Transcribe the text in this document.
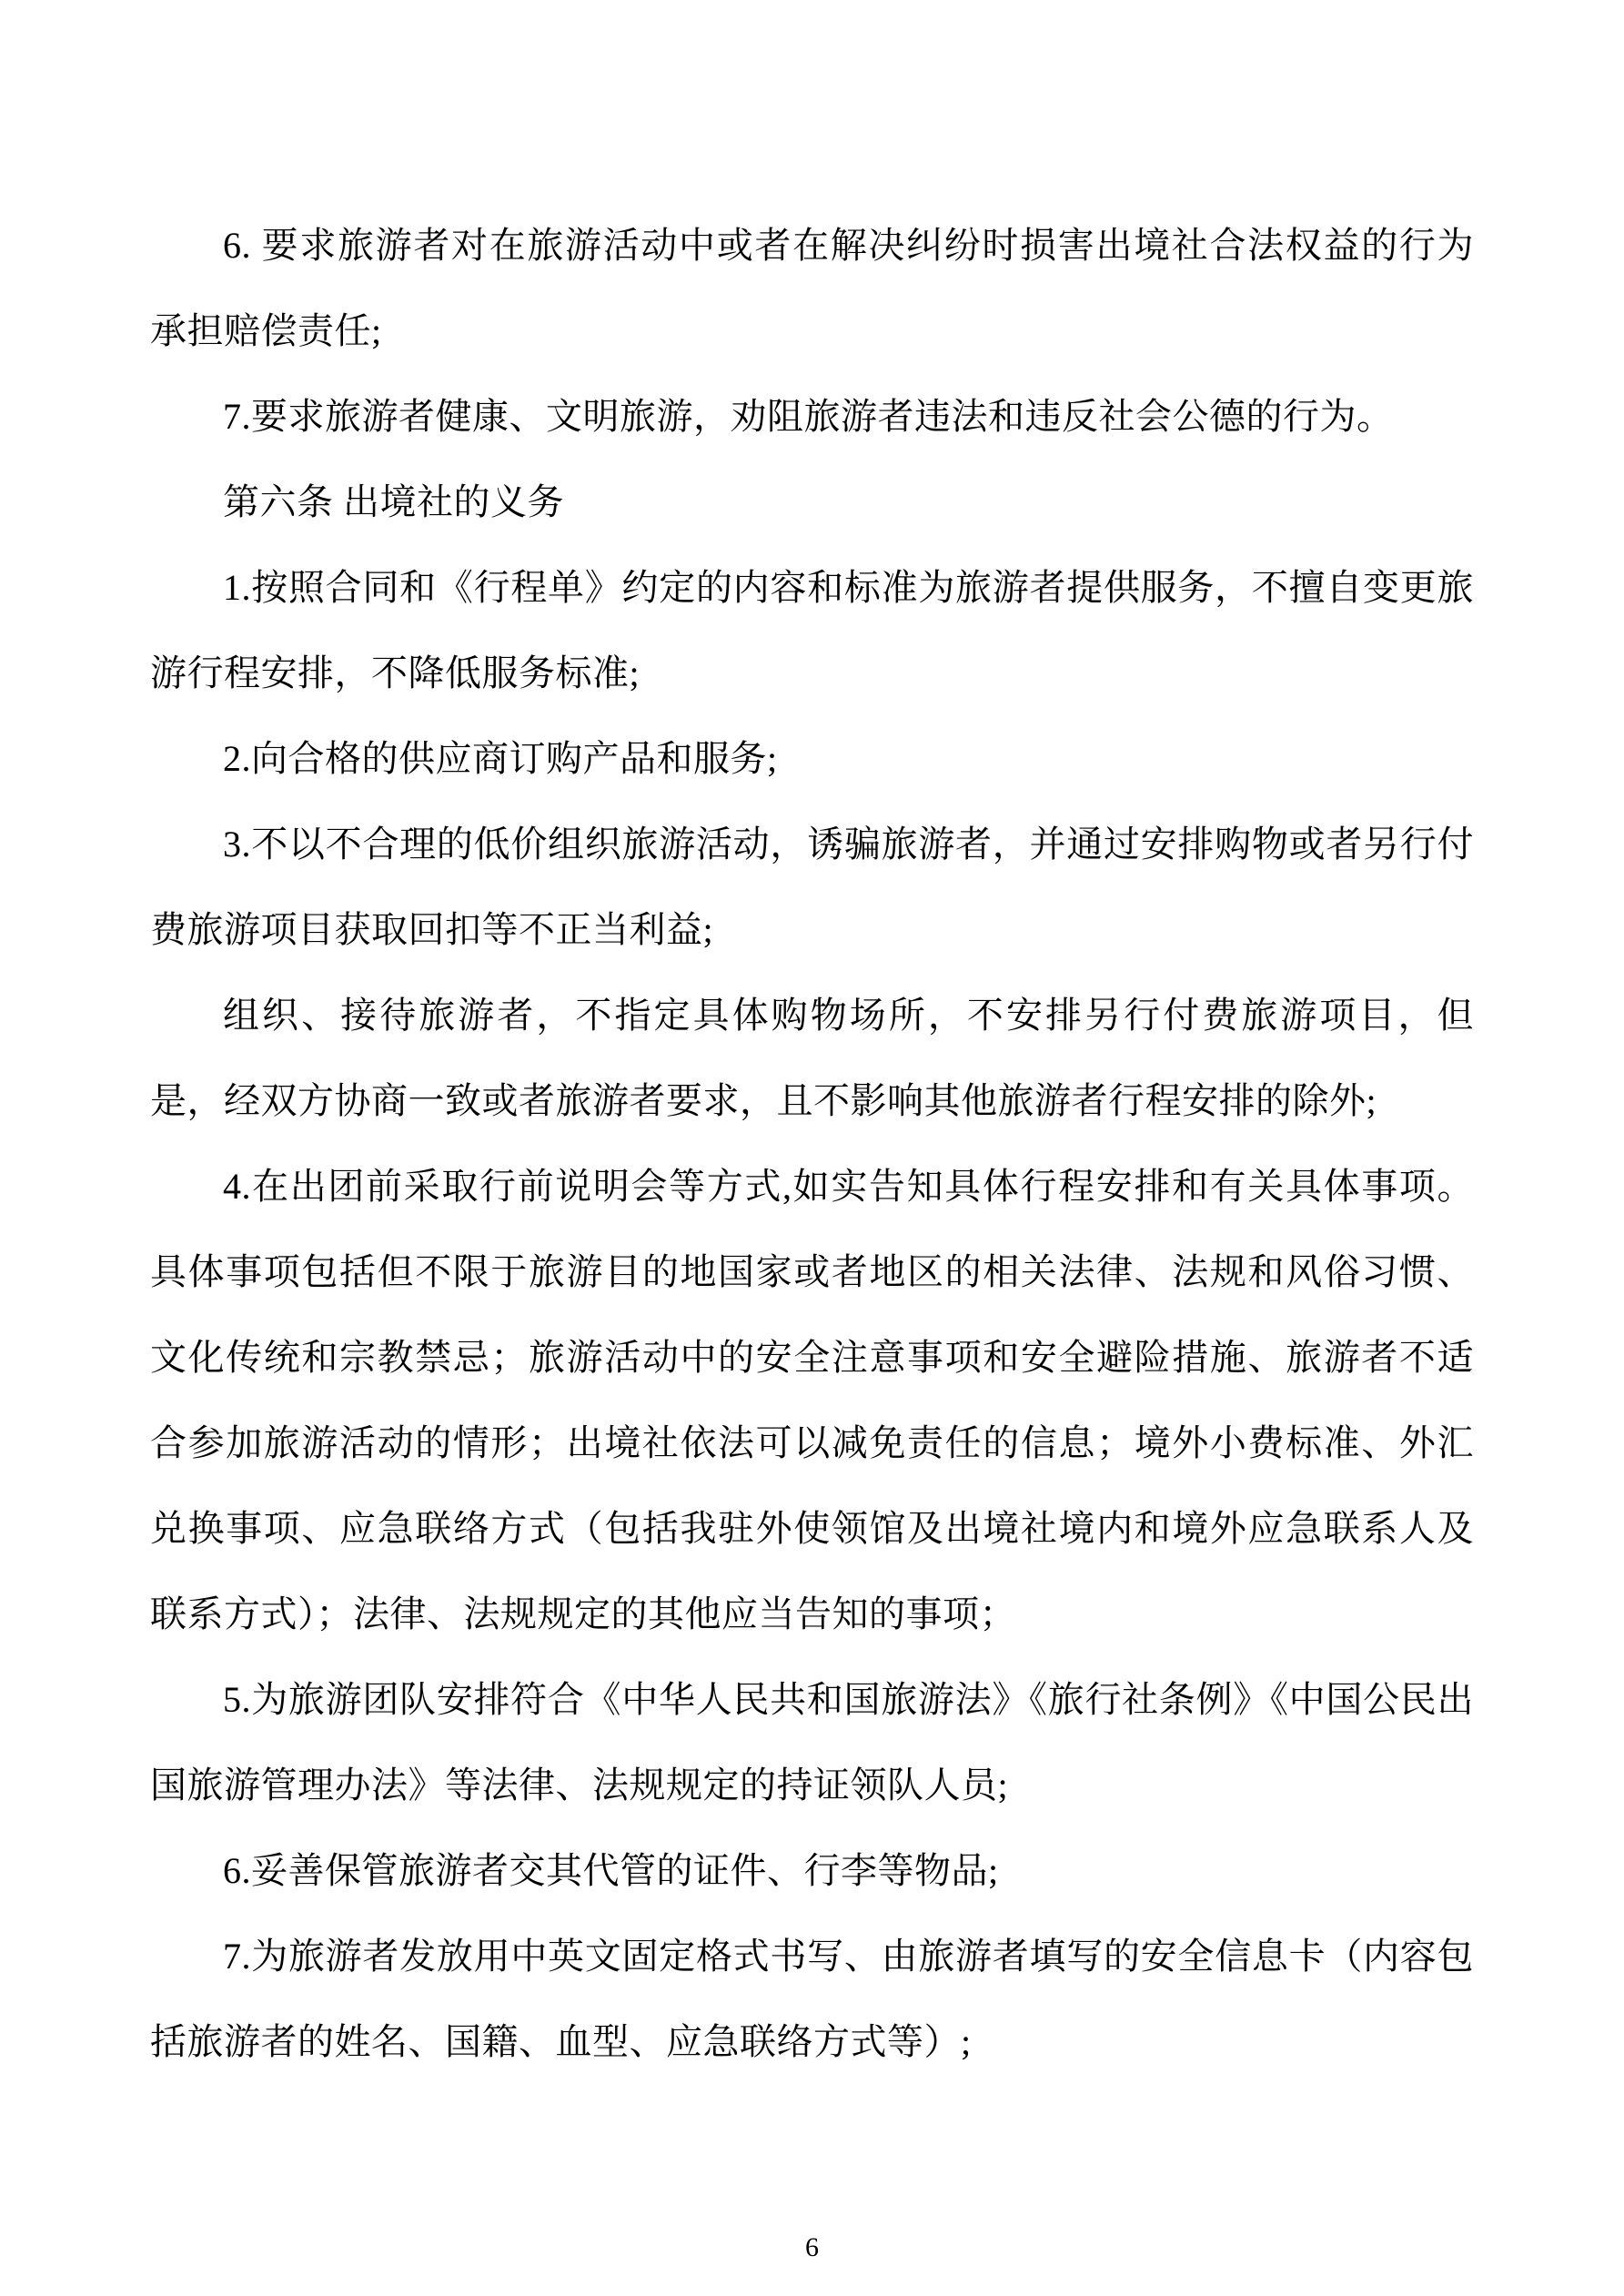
6. 要求旅游者对在旅游活动中或者在解决纠纷时损害出境社合法权益的行为承担赔偿责任;

7.要求旅游者健康、文明旅游，劝阻旅游者违法和违反社会公德的行为。

第六条 出境社的义务

1.按照合同和《行程单》约定的内容和标准为旅游者提供服务，不擅自变更旅游行程安排，不降低服务标准;

2.向合格的供应商订购产品和服务;

3.不以不合理的低价组织旅游活动，诱骗旅游者，并通过安排购物或者另行付费旅游项目获取回扣等不正当利益;

组织、接待旅游者，不指定具体购物场所，不安排另行付费旅游项目，但是，经双方协商一致或者旅游者要求，且不影响其他旅游者行程安排的除外;

4.在出团前采取行前说明会等方式,如实告知具体行程安排和有关具体事项。具体事项包括但不限于旅游目的地国家或者地区的相关法律、法规和风俗习惯、文化传统和宗教禁忌；旅游活动中的安全注意事项和安全避险措施、旅游者不适合参加旅游活动的情形；出境社依法可以减免责任的信息；境外小费标准、外汇兑换事项、应急联络方式（包括我驻外使领馆及出境社境内和境外应急联系人及联系方式）；法律、法规规定的其他应当告知的事项；

5.为旅游团队安排符合《中华人民共和国旅游法》《旅行社条例》《中国公民出国旅游管理办法》等法律、法规规定的持证领队人员;

6.妥善保管旅游者交其代管的证件、行李等物品;

7.为旅游者发放用中英文固定格式书写、由旅游者填写的安全信息卡（内容包括旅游者的姓名、国籍、血型、应急联络方式等）;

6
